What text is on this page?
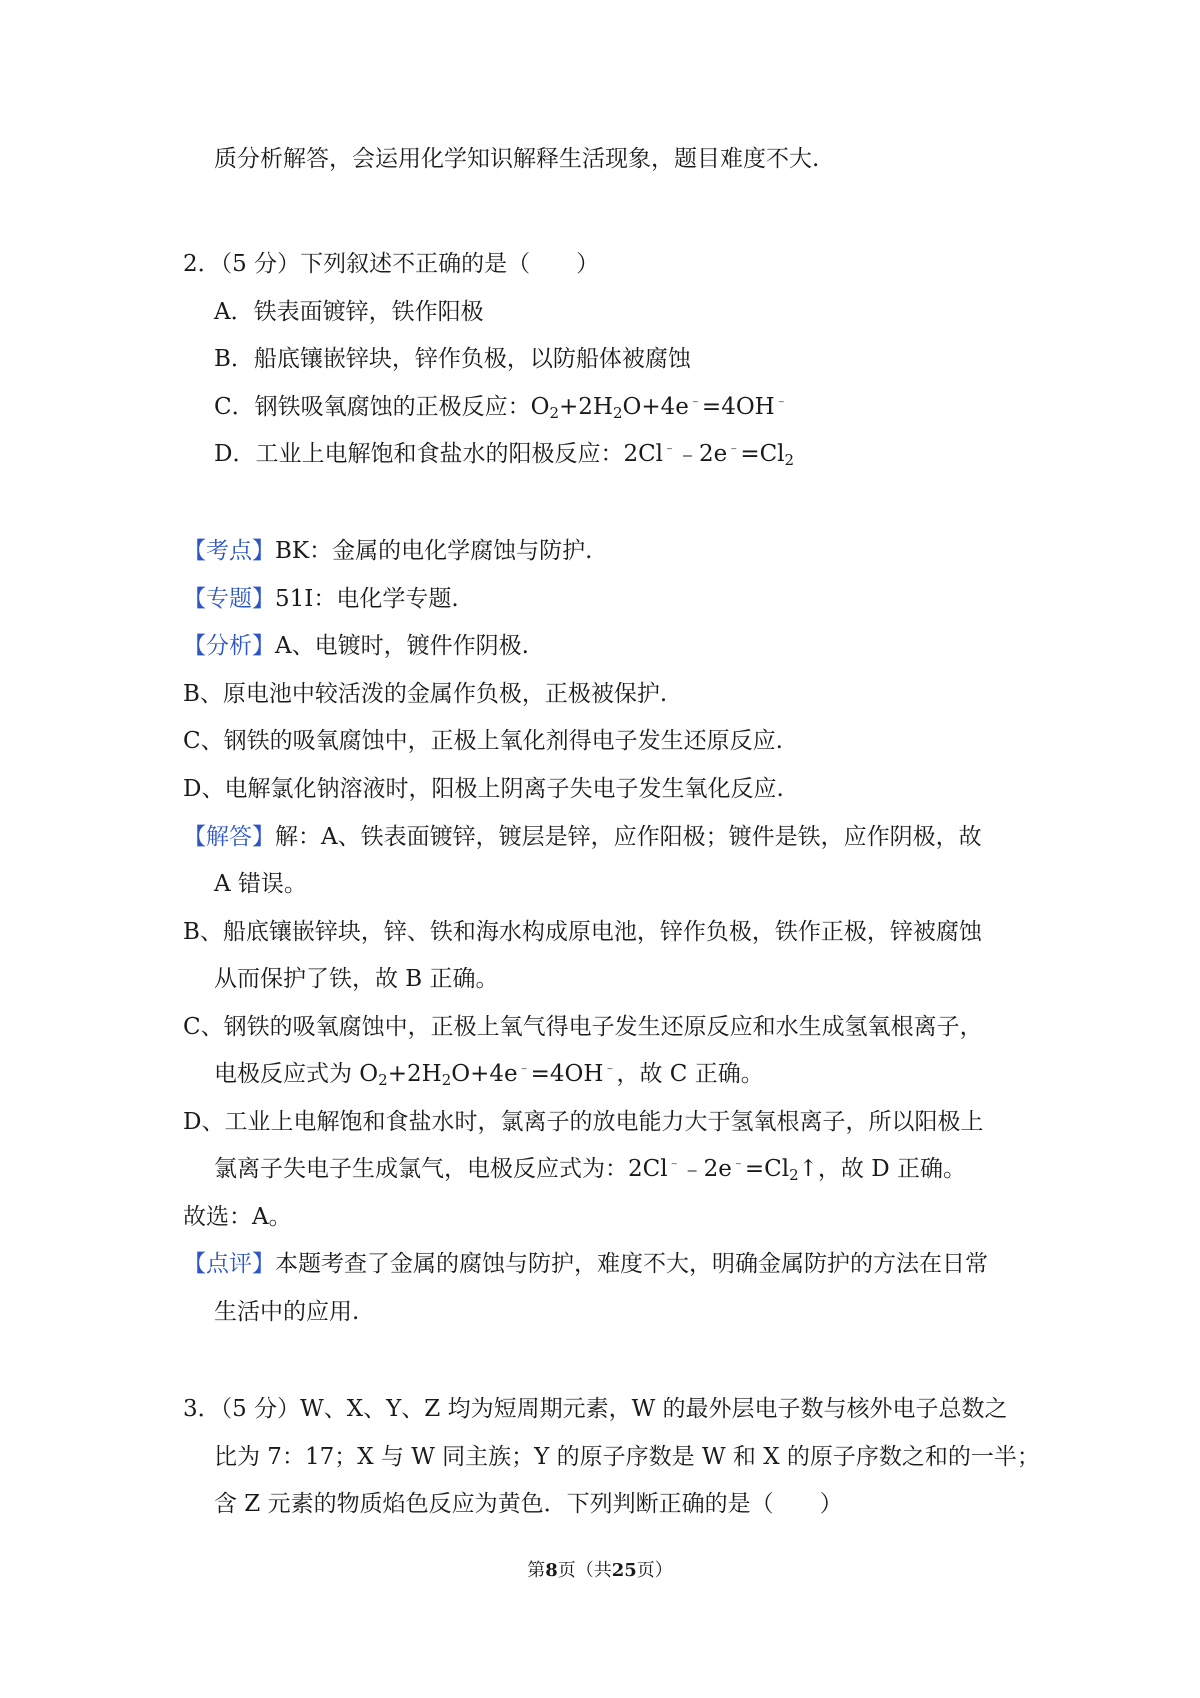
质分析解答，会运用化学知识解释生活现象，题目难度不大.
2．（5 分）下列叙述不正确的是（　　）
A．铁表面镀锌，铁作阳极
B．船底镶嵌锌块，锌作负极，以防船体被腐蚀
C．钢铁吸氧腐蚀的正极反应：$O_2+2H_2O+4e^﹣=4OH^﹣$
D．工业上电解饱和食盐水的阳极反应：$2Cl^﹣﹣2e^﹣=Cl_2$
【考点】BK：金属的电化学腐蚀与防护.
【专题】51I：电化学专题.
【分析】A、电镀时，镀件作阴极.
B、原电池中较活泼的金属作负极，正极被保护.
C、钢铁的吸氧腐蚀中，正极上氧化剂得电子发生还原反应.
D、电解氯化钠溶液时，阳极上阴离子失电子发生氧化反应.
【解答】解：A、铁表面镀锌，镀层是锌，应作阳极；镀件是铁，应作阴极，故
A 错误。
B、船底镶嵌锌块，锌、铁和海水构成原电池，锌作负极，铁作正极，锌被腐蚀
从而保护了铁，故 B 正确。
C、钢铁的吸氧腐蚀中，正极上氧气得电子发生还原反应和水生成氢氧根离子，
电极反应式为 $O_2+2H_2O+4e^﹣=4OH^﹣$，故 C 正确。
D、工业上电解饱和食盐水时，氯离子的放电能力大于氢氧根离子，所以阳极上
氯离子失电子生成氯气，电极反应式为：$2Cl^﹣﹣2e^﹣=Cl_2↑$，故 D 正确。
故选：A。
【点评】本题考查了金属的腐蚀与防护，难度不大，明确金属防护的方法在日常
生活中的应用.
3．（5 分）W、X、Y、Z 均为短周期元素，W 的最外层电子数与核外电子总数之
比为 7：17；X 与 W 同主族；Y 的原子序数是 W 和 X 的原子序数之和的一半；
含 Z 元素的物质焰色反应为黄色．下列判断正确的是（　　）
第8页（共25页）
